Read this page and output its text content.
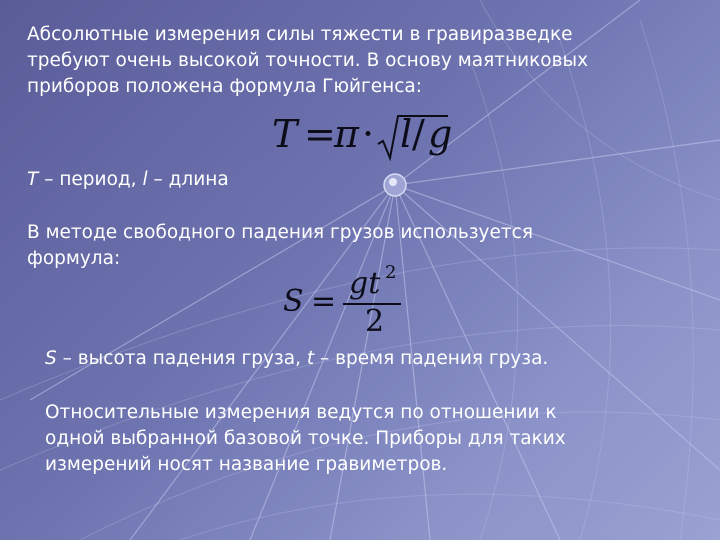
Абсолютные измерения силы тяжести в гравиразведке
требуют очень высокой точности. В основу маятниковых
приборов положена формула Гюйгенса:
T =
π · l / g
T – период, l – длина
В методе свободного падения грузов используется
формула:
S =
gt 2
2
S – высота падения груза, t – время падения груза.
Относительные измерения ведутся по отношении к
одной выбранной базовой точке. Приборы для таких
измерений носят название гравиметров.
